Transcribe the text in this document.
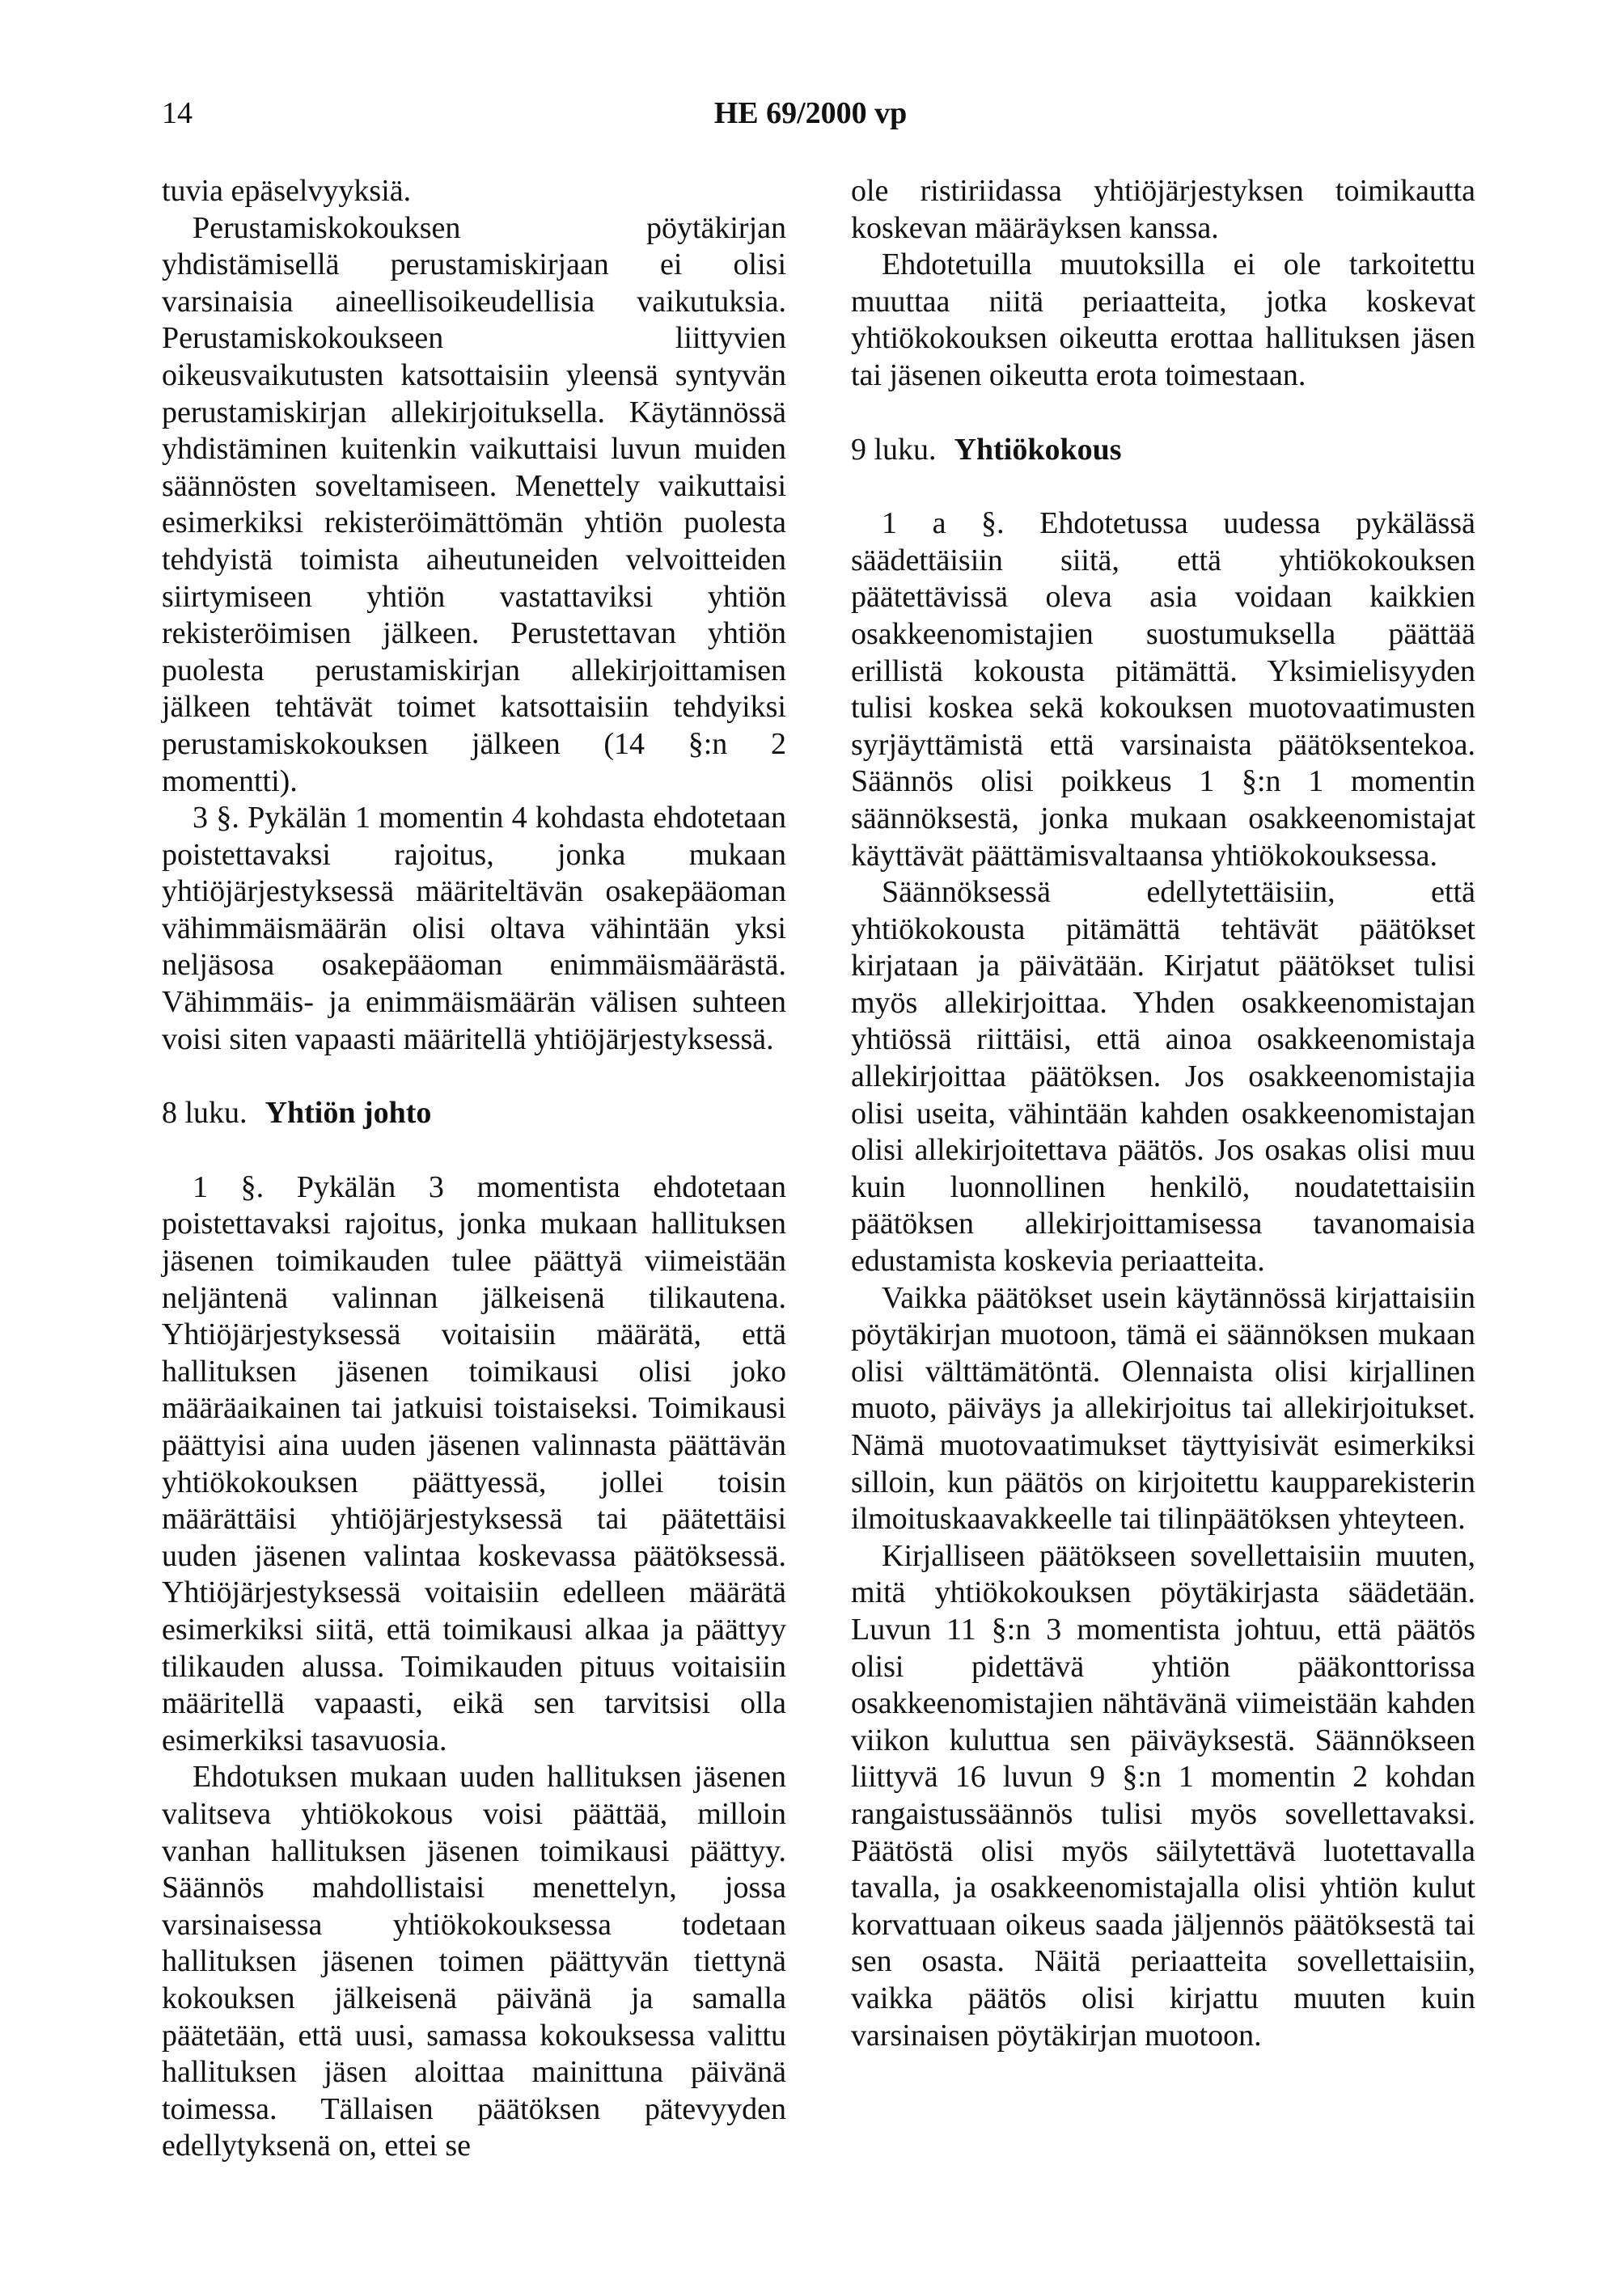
14	HE 69/2000 vp

tuvia epäselvyyksiä.

Perustamiskokouksen pöytäkirjan yhdistämisellä perustamiskirjaan ei olisi varsinaisia aineellisoikeudellisia vaikutuksia. Perustamiskokoukseen liittyvien oikeusvaikutusten katsottaisiin yleensä syntyvän perustamiskirjan allekirjoituksella. Käytännössä yhdistäminen kuitenkin vaikuttaisi luvun muiden säännösten soveltamiseen. Menettely vaikuttaisi esimerkiksi rekisteröimättömän yhtiön puolesta tehdyistä toimista aiheutuneiden velvoitteiden siirtymiseen yhtiön vastattaviksi yhtiön rekisteröimisen jälkeen. Perustettavan yhtiön puolesta perustamiskirjan allekirjoittamisen jälkeen tehtävät toimet katsottaisiin tehdyiksi perustamiskokouksen jälkeen (14 §:n 2 momentti).

3 §. Pykälän 1 momentin 4 kohdasta ehdotetaan poistettavaksi rajoitus, jonka mukaan yhtiöjärjestyksessä määriteltävän osakepääoman vähimmäismäärän olisi oltava vähintään yksi neljäsosa osakepääoman enimmäismäärästä. Vähimmäis- ja enimmäismäärän välisen suhteen voisi siten vapaasti määritellä yhtiöjärjestyksessä.

8 luku. Yhtiön johto

1 §. Pykälän 3 momentista ehdotetaan poistettavaksi rajoitus, jonka mukaan hallituksen jäsenen toimikauden tulee päättyä viimeistään neljäntenä valinnan jälkeisenä tilikautena. Yhtiöjärjestyksessä voitaisiin määrätä, että hallituksen jäsenen toimikausi olisi joko määräaikainen tai jatkuisi toistaiseksi. Toimikausi päättyisi aina uuden jäsenen valinnasta päättävän yhtiökokouksen päättyessä, jollei toisin määrättäisi yhtiöjärjestyksessä tai päätettäisi uuden jäsenen valintaa koskevassa päätöksessä. Yhtiöjärjestyksessä voitaisiin edelleen määrätä esimerkiksi siitä, että toimikausi alkaa ja päättyy tilikauden alussa. Toimikauden pituus voitaisiin määritellä vapaasti, eikä sen tarvitsisi olla esimerkiksi tasavuosia.

Ehdotuksen mukaan uuden hallituksen jäsenen valitseva yhtiökokous voisi päättää, milloin vanhan hallituksen jäsenen toimikausi päättyy. Säännös mahdollistaisi menettelyn, jossa varsinaisessa yhtiökokouksessa todetaan hallituksen jäsenen toimen päättyvän tiettynä kokouksen jälkeisenä päivänä ja samalla päätetään, että uusi, samassa kokouksessa valittu hallituksen jäsen aloittaa mainittuna päivänä toimessa. Tällaisen päätöksen pätevyyden edellytyksenä on, ettei se

ole ristiriidassa yhtiöjärjestyksen toimikautta koskevan määräyksen kanssa.

Ehdotetuilla muutoksilla ei ole tarkoitettu muuttaa niitä periaatteita, jotka koskevat yhtiökokouksen oikeutta erottaa hallituksen jäsen tai jäsenen oikeutta erota toimestaan.

9 luku. Yhtiökokous

1 a §. Ehdotetussa uudessa pykälässä säädettäisiin siitä, että yhtiökokouksen päätettävissä oleva asia voidaan kaikkien osakkeenomistajien suostumuksella päättää erillistä kokousta pitämättä. Yksimielisyyden tulisi koskea sekä kokouksen muotovaatimusten syrjäyttämistä että varsinaista päätöksentekoa. Säännös olisi poikkeus 1 §:n 1 momentin säännöksestä, jonka mukaan osakkeenomistajat käyttävät päättämisvaltaansa yhtiökokouksessa.

Säännöksessä edellytettäisiin, että yhtiökokousta pitämättä tehtävät päätökset kirjataan ja päivätään. Kirjatut päätökset tulisi myös allekirjoittaa. Yhden osakkeenomistajan yhtiössä riittäisi, että ainoa osakkeenomistaja allekirjoittaa päätöksen. Jos osakkeenomistajia olisi useita, vähintään kahden osakkeenomistajan olisi allekirjoitettava päätös. Jos osakas olisi muu kuin luonnollinen henkilö, noudatettaisiin päätöksen allekirjoittamisessa tavanomaisia edustamista koskevia periaatteita.

Vaikka päätökset usein käytännössä kirjattaisiin pöytäkirjan muotoon, tämä ei säännöksen mukaan olisi välttämätöntä. Olennaista olisi kirjallinen muoto, päiväys ja allekirjoitus tai allekirjoitukset. Nämä muotovaatimukset täyttyisivät esimerkiksi silloin, kun päätös on kirjoitettu kaupparekisterin ilmoituskaavakkeelle tai tilinpäätöksen yhteyteen.

Kirjalliseen päätökseen sovellettaisiin muuten, mitä yhtiökokouksen pöytäkirjasta säädetään. Luvun 11 §:n 3 momentista johtuu, että päätös olisi pidettävä yhtiön pääkonttorissa osakkeenomistajien nähtävänä viimeistään kahden viikon kuluttua sen päiväyksestä. Säännökseen liittyvä 16 luvun 9 §:n 1 momentin 2 kohdan rangaistussäännös tulisi myös sovellettavaksi. Päätöstä olisi myös säilytettävä luotettavalla tavalla, ja osakkeenomistajalla olisi yhtiön kulut korvattuaan oikeus saada jäljennös päätöksestä tai sen osasta. Näitä periaatteita sovellettaisiin, vaikka päätös olisi kirjattu muuten kuin varsinaisen pöytäkirjan muotoon.
